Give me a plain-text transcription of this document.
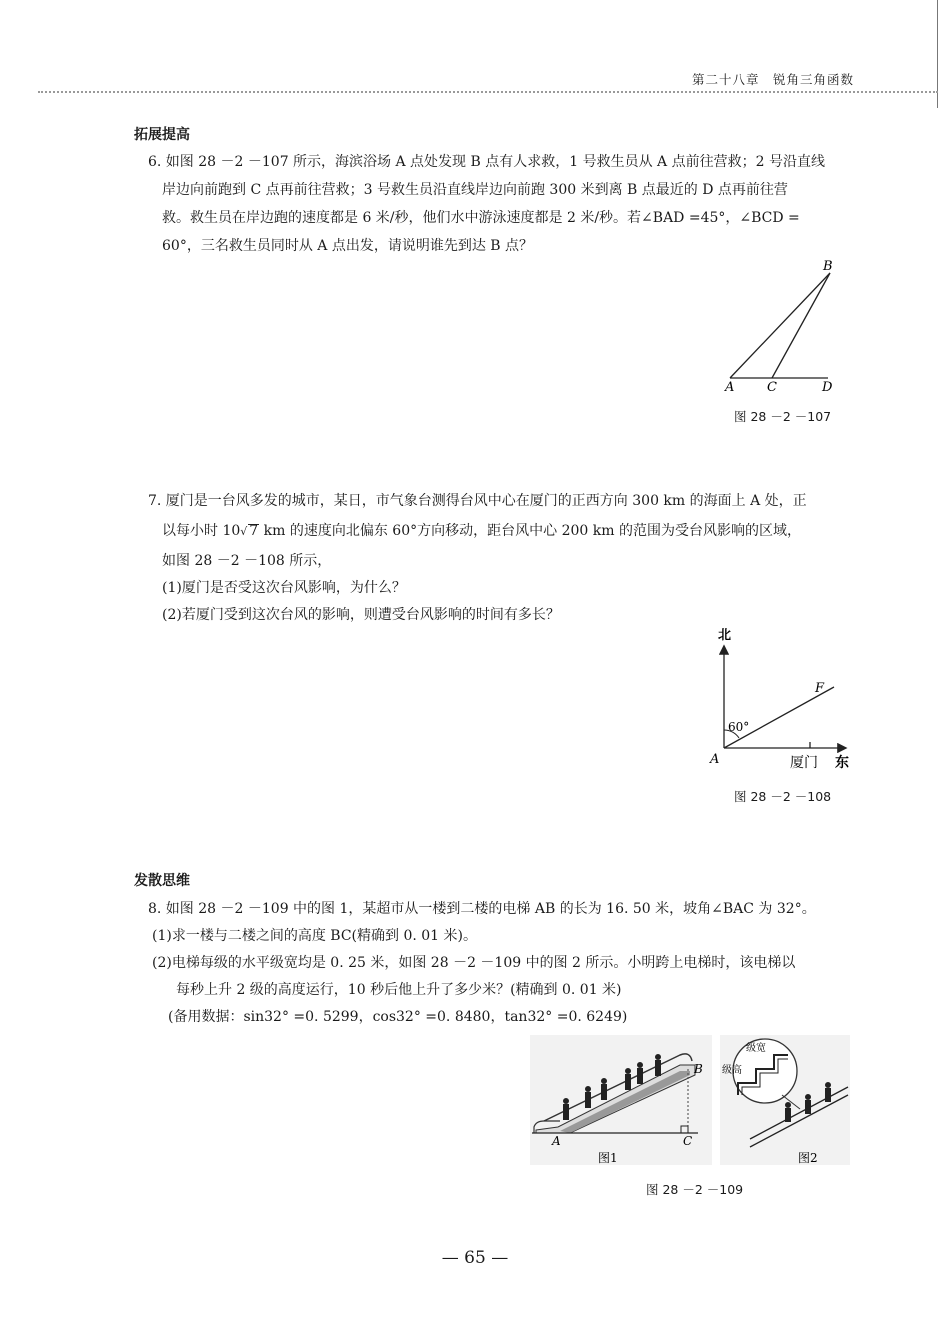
第二十八章　锐角三角函数
拓展提高
6. 如图 28 －2 －107 所示，海滨浴场 A 点处发现 B 点有人求救，1 号救生员从 A 点前往营救；2 号沿直线
岸边向前跑到 C 点再前往营救；3 号救生员沿直线岸边向前跑 300 米到离 B 点最近的 D 点再前往营
救。救生员在岸边跑的速度都是 6 米/秒，他们水中游泳速度都是 2 米/秒。若∠BAD =45°，∠BCD =
60°，三名救生员同时从 A 点出发，请说明谁先到达 B 点？
B
A	C	D
图 28 －2 －107
7. 厦门是一台风多发的城市，某日，市气象台测得台风中心在厦门的正西方向 300 km 的海面上 A 处，正
以每小时 10√ 7 km 的速度向北偏东 60°方向移动，距台风中心 200 km 的范围为受台风影响的区域，
如图 28 －2 －108 所示，
(1)厦门是否受这次台风影响，为什么？
(2)若厦门受到这次台风的影响，则遭受台风影响的时间有多长？
北
60°
F
A	厦门 东
图 28 －2 －108
发散思维
8. 如图 28 －2 －109 中的图 1，某超市从一楼到二楼的电梯 AB 的长为 16. 50 米，坡角∠BAC 为 32°。
(1)求一楼与二楼之间的高度 BC(精确到 0. 01 米)。
(2)电梯每级的水平级宽均是 0. 25 米，如图 28 －2 －109 中的图 2 所示。小明跨上电梯时，该电梯以
每秒上升 2 级的高度运行，10 秒后他上升了多少米？(精确到 0. 01 米)
(备用数据：sin32° =0. 5299，cos32° =0. 8480，tan32° =0. 6249)
B
A	C
图1
级宽
级高
图2
图 28 －2 －109
— 65 —
